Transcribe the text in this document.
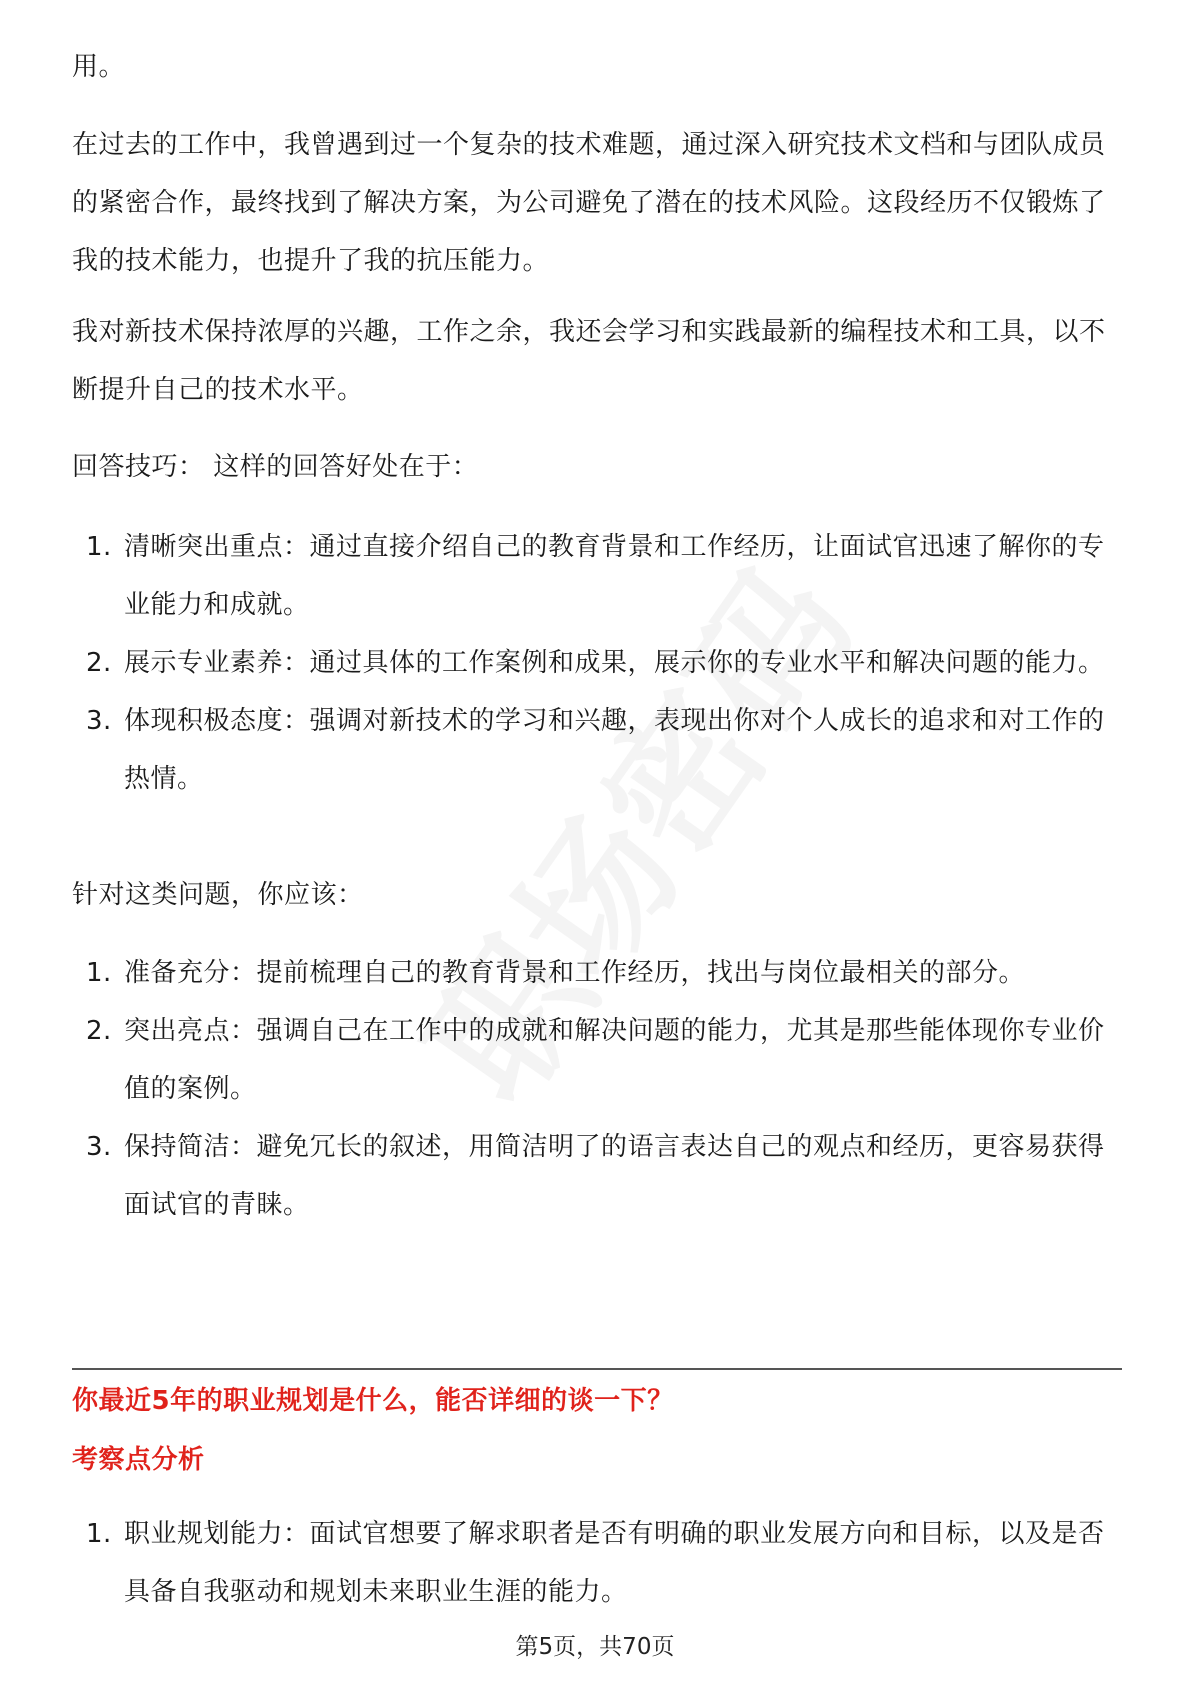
用。

在过去的工作中，我曾遇到过一个复杂的技术难题，通过深入研究技术文档和与团队成员的紧密合作，最终找到了解决方案，为公司避免了潜在的技术风险。这段经历不仅锻炼了我的技术能力，也提升了我的抗压能力。

我对新技术保持浓厚的兴趣，工作之余，我还会学习和实践最新的编程技术和工具，以不断提升自己的技术水平。

回答技巧： 这样的回答好处在于：

1. 清晰突出重点：通过直接介绍自己的教育背景和工作经历，让面试官迅速了解你的专业能力和成就。
2. 展示专业素养：通过具体的工作案例和成果，展示你的专业水平和解决问题的能力。
3. 体现积极态度：强调对新技术的学习和兴趣，表现出你对个人成长的追求和对工作的热情。

针对这类问题，你应该：

1. 准备充分：提前梳理自己的教育背景和工作经历，找出与岗位最相关的部分。
2. 突出亮点：强调自己在工作中的成就和解决问题的能力，尤其是那些能体现你专业价值的案例。
3. 保持简洁：避免冗长的叙述，用简洁明了的语言表达自己的观点和经历，更容易获得面试官的青睐。
你最近5年的职业规划是什么，能否详细的谈一下？
考察点分析
1. 职业规划能力：面试官想要了解求职者是否有明确的职业发展方向和目标，以及是否具备自我驱动和规划未来职业生涯的能力。
第5页，共70页
